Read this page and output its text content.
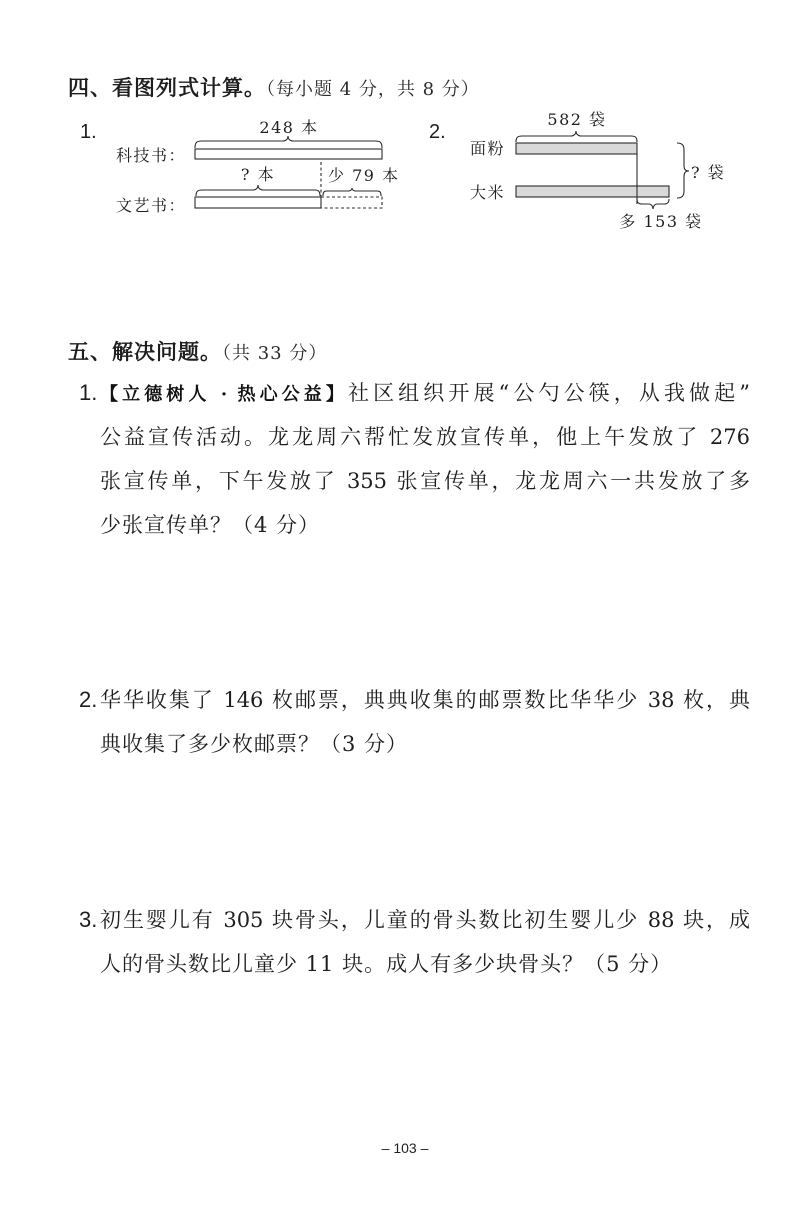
四、看图列式计算。（每小题 4 分，共 8 分）
1.	248 本
科技书：
? 本	少 79 本
文艺书：
2.
582 袋
面粉
大米
多 153 袋
? 袋
五、解决问题。（共 33 分）
1. 【立德树人 · 热心公益】社区组织开展“公勺公筷，从我做起”
公益宣传活动。龙龙周六帮忙发放宣传单，他上午发放了 276
张宣传单，下午发放了 355 张宣传单，龙龙周六一共发放了多
少张宣传单？（4 分）
2. 华华收集了 146 枚邮票，典典收集的邮票数比华华少 38 枚，典
典收集了多少枚邮票？（3 分）
3. 初生婴儿有 305 块骨头，儿童的骨头数比初生婴儿少 88 块，成
人的骨头数比儿童少 11 块。成人有多少块骨头？（5 分）
– 103 –
